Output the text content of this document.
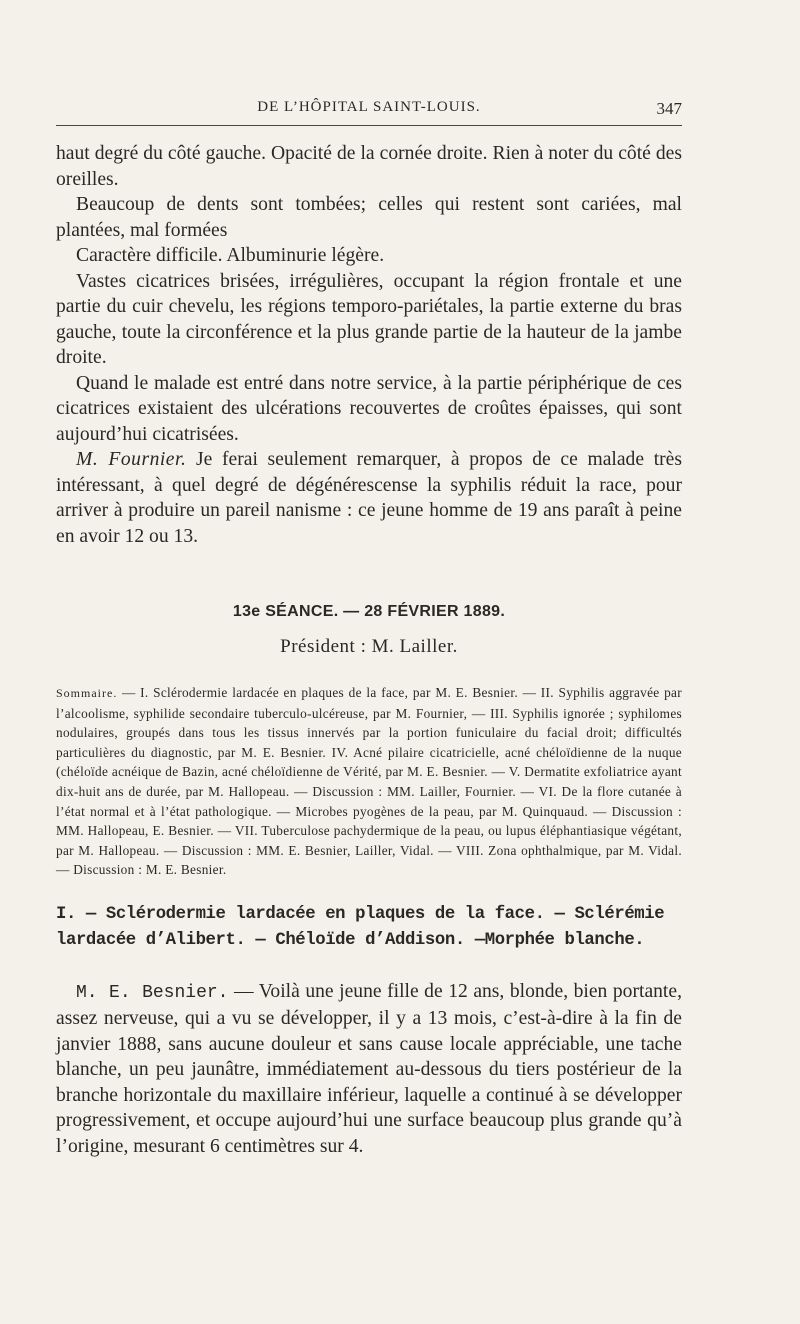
DE L’HÔPITAL SAINT-LOUIS.	347

haut degré du côté gauche. Opacité de la cornée droite. Rien à noter du côté des oreilles.

Beaucoup de dents sont tombées; celles qui restent sont cariées, mal plantées, mal formées

Caractère difficile. Albuminurie légère.

Vastes cicatrices brisées, irrégulières, occupant la région frontale et une partie du cuir chevelu, les régions temporo-pariétales, la partie externe du bras gauche, toute la circonférence et la plus grande partie de la hauteur de la jambe droite.

Quand le malade est entré dans notre service, à la partie périphérique de ces cicatrices existaient des ulcérations recouvertes de croûtes épaisses, qui sont aujourd’hui cicatrisées.

M. Fournier. Je ferai seulement remarquer, à propos de ce malade très intéressant, à quel degré de dégénérescense la syphilis réduit la race, pour arriver à produire un pareil nanisme : ce jeune homme de 19 ans paraît à peine en avoir 12 ou 13.

13e SÉANCE. — 28 FÉVRIER 1889.
Président : M. Lailler.
Sommaire. — I. Sclérodermie lardacée en plaques de la face, par M. E. Besnier. — II. Syphilis aggravée par l’alcoolisme, syphilide secondaire tuberculo-ulcéreuse, par M. Fournier, — III. Syphilis ignorée ; syphilomes nodulaires, groupés dans tous les tissus innervés par la portion funiculaire du facial droit; difficultés particulières du diagnostic, par M. E. Besnier. IV. Acné pilaire cicatricielle, acné chéloïdienne de la nuque (chéloïde acnéique de Bazin, acné chéloïdienne de Vérité, par M. E. Besnier. — V. Dermatite exfoliatrice ayant dix-huit ans de durée, par M. Hallopeau. — Discussion : MM. Lailler, Fournier. — VI. De la flore cutanée à l’état normal et à l’état pathologique. — Microbes pyogènes de la peau, par M. Quinquaud. — Discussion : MM. Hallopeau, E. Besnier. — VII. Tuberculose pachydermique de la peau, ou lupus éléphantiasique végétant, par M. Hallopeau. — Discussion : MM. E. Besnier, Lailler, Vidal. — VIII. Zona ophthalmique, par M. Vidal. — Discussion : M. E. Besnier.
I. — Sclérodermie lardacée en plaques de la face. — Sclérémie lardacée d’Alibert. — Chéloïde d’Addison. —Morphée blanche.

M. E. Besnier. — Voilà une jeune fille de 12 ans, blonde, bien portante, assez nerveuse, qui a vu se développer, il y a 13 mois, c’est-à-dire à la fin de janvier 1888, sans aucune douleur et sans cause locale appréciable, une tache blanche, un peu jaunâtre, immédiatement au-dessous du tiers postérieur de la branche horizontale du maxillaire inférieur, laquelle a continué à se développer progressivement, et occupe aujourd’hui une surface beaucoup plus grande qu’à l’origine, mesurant 6 centimètres sur 4.
